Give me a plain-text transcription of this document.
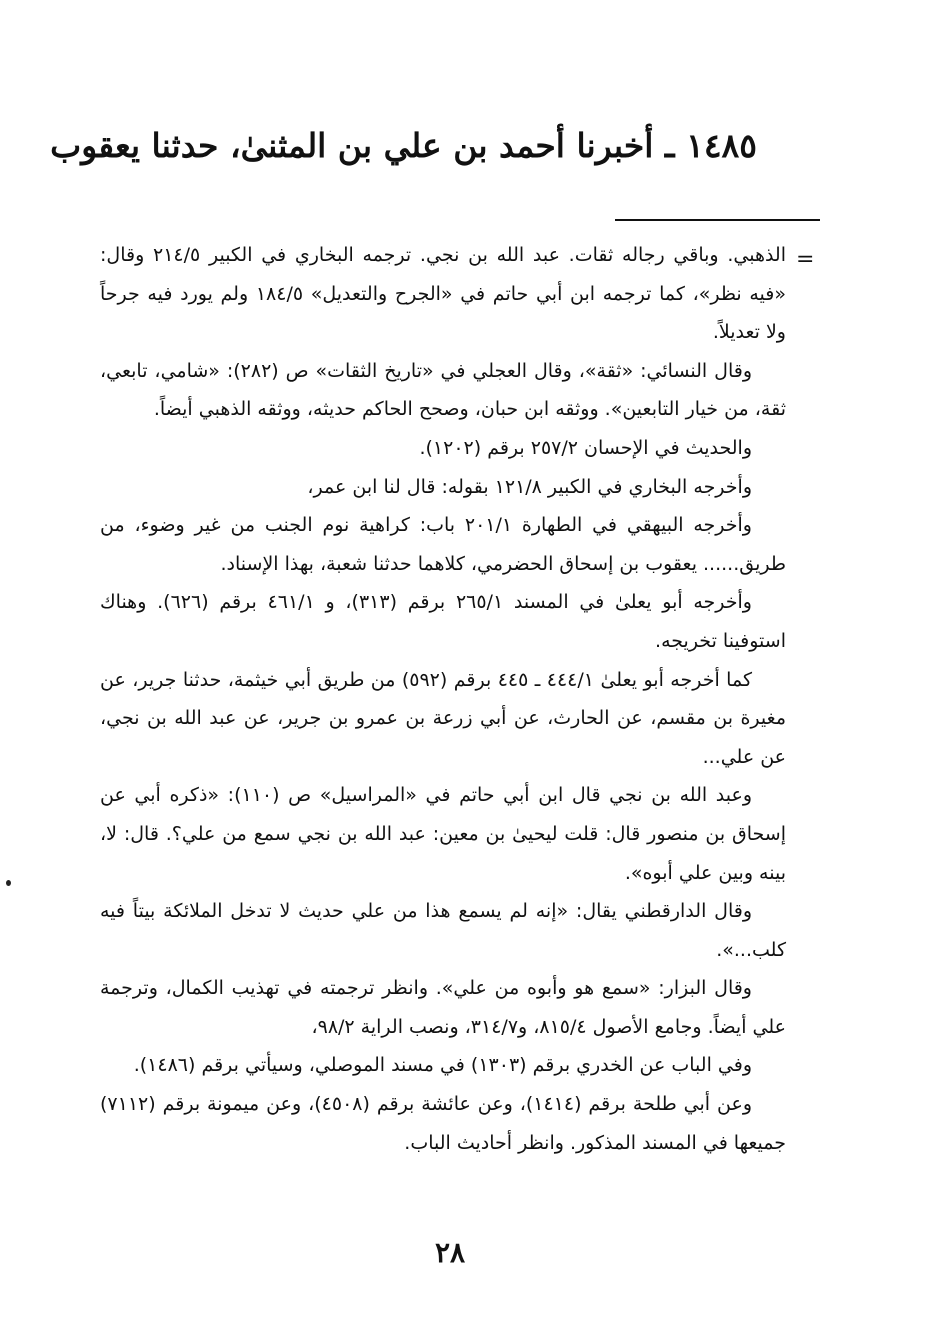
١٤٨٥ ـ أخبرنا أحمد بن علي بن المثنىٰ، حدثنا يعقوب
=

الذهبي. وباقي رجاله ثقات. عبد الله بن نجي. ترجمه البخاري في الكبير ٢١٤/٥ وقال: «فيه نظر»، كما ترجمه ابن أبي حاتم في «الجرح والتعديل» ١٨٤/٥ ولم يورد فيه جرحاً ولا تعديلاً.

وقال النسائي: «ثقة»، وقال العجلي في «تاريخ الثقات» ص (٢٨٢): «شامي، تابعي، ثقة، من خيار التابعين». ووثقه ابن حبان، وصحح الحاكم حديثه، ووثقه الذهبي أيضاً.

والحديث في الإحسان ٢٥٧/٢ برقم (١٢٠٢).

وأخرجه البخاري في الكبير ١٢١/٨ بقوله: قال لنا ابن عمر،

وأخرجه البيهقي في الطهارة ٢٠١/١ باب: كراهية نوم الجنب من غير وضوء، من طريق...... يعقوب بن إسحاق الحضرمي، كلاهما حدثنا شعبة، بهذا الإسناد.

وأخرجه أبو يعلىٰ في المسند ٢٦٥/١ برقم (٣١٣)، و ٤٦١/١ برقم (٦٢٦). وهناك استوفينا تخريجه.

كما أخرجه أبو يعلىٰ ٤٤٤/١ ـ ٤٤٥ برقم (٥٩٢) من طريق أبي خيثمة، حدثنا جرير، عن مغيرة بن مقسم، عن الحارث، عن أبي زرعة بن عمرو بن جرير، عن عبد الله بن نجي، عن علي...

وعبد الله بن نجي قال ابن أبي حاتم في «المراسيل» ص (١١٠): «ذكره أبي عن إسحاق بن منصور قال: قلت ليحيىٰ بن معين: عبد الله بن نجي سمع من علي؟. قال: لا، بينه وبين علي أبوه».

وقال الدارقطني يقال: «إنه لم يسمع هذا من علي حديث لا تدخل الملائكة بيتاً فيه كلب...».

وقال البزار: «سمع هو وأبوه من علي». وانظر ترجمته في تهذيب الكمال، وترجمة علي أيضاً. وجامع الأصول ٨١٥/٤، و٣١٤/٧، ونصب الراية ٩٨/٢،

وفي الباب عن الخدري برقم (١٣٠٣) في مسند الموصلي، وسيأتي برقم (١٤٨٦).

وعن أبي طلحة برقم (١٤١٤)، وعن عائشة برقم (٤٥٠٨)، وعن ميمونة برقم (٧١١٢) جميعها في المسند المذكور. وانظر أحاديث الباب.

٢٨
